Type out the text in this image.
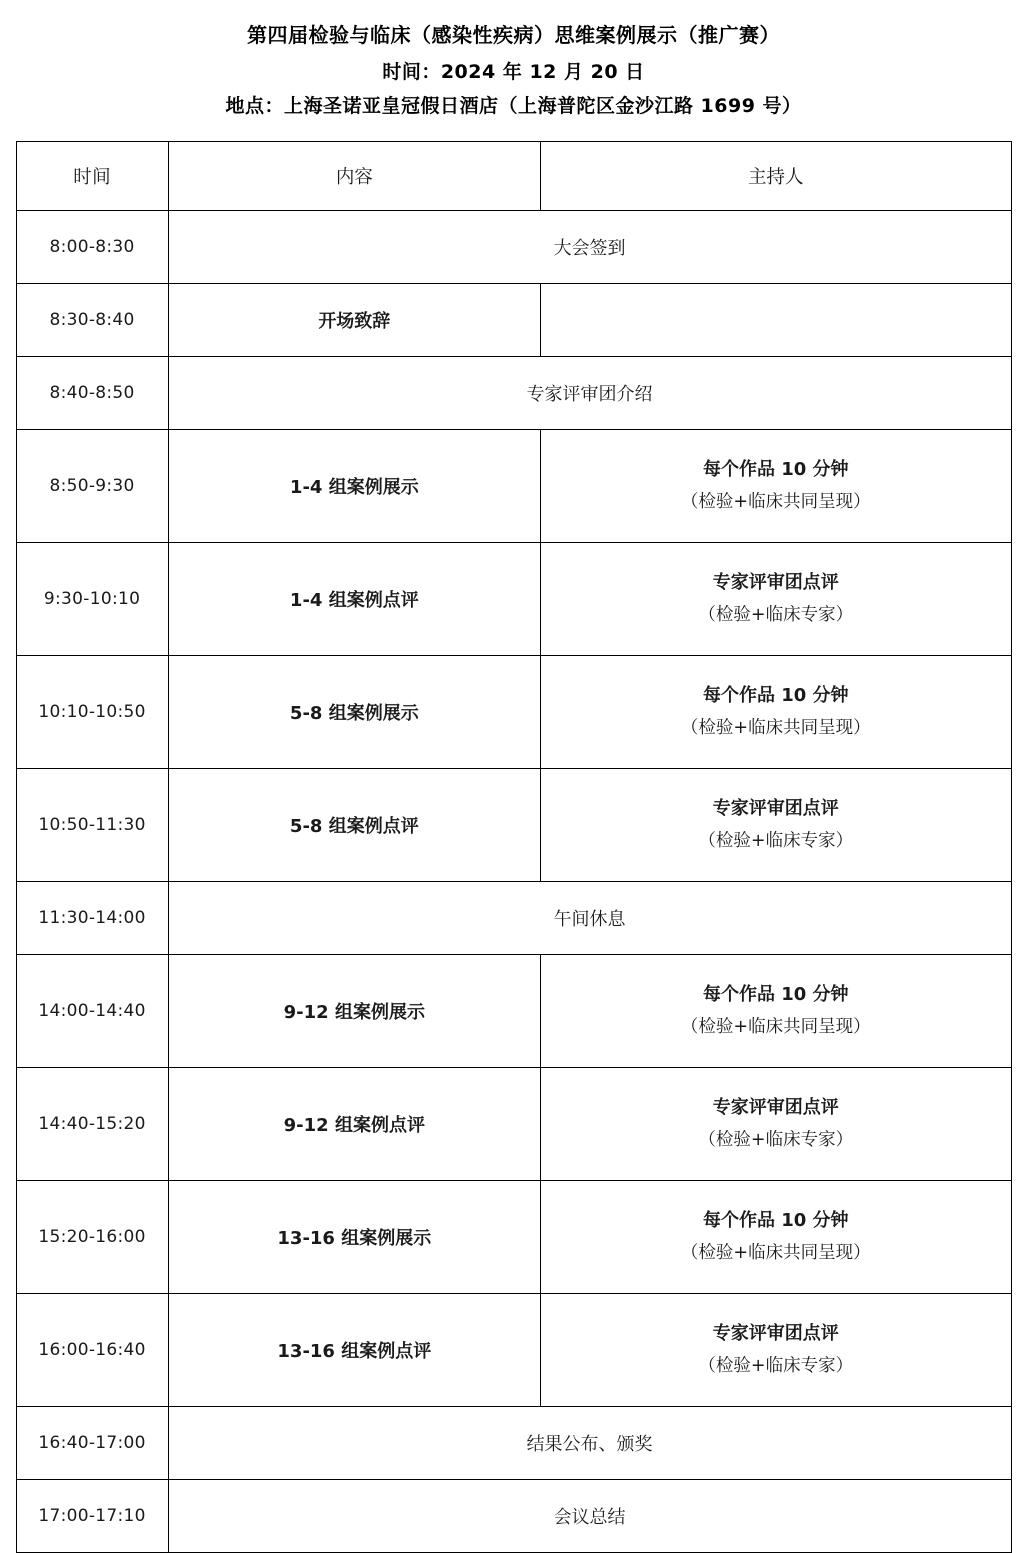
第四届检验与临床（感染性疾病）思维案例展示（推广赛）
时间：2024 年 12 月 20 日
地点：上海圣诺亚皇冠假日酒店（上海普陀区金沙江路 1699 号）		

时间	内容	主持人
8:00-8:30	大会签到	
8:30-8:40	开场致辞	
8:40-8:50	专家评审团介绍	
8:50-9:30	1-4 组案例展示	每个作品 10 分钟
（检验+临床共同呈现）

9:30-10:10	1-4 组案例点评	专家评审团点评
（检验+临床专家）

10:10-10:50	5-8 组案例展示	每个作品 10 分钟
（检验+临床共同呈现）

10:50-11:30	5-8 组案例点评	专家评审团点评
（检验+临床专家）

11:30-14:00	午间休息	
14:00-14:40	9-12 组案例展示	每个作品 10 分钟
（检验+临床共同呈现）

14:40-15:20	9-12 组案例点评	专家评审团点评
（检验+临床专家）

15:20-16:00	13-16 组案例展示	每个作品 10 分钟
（检验+临床共同呈现）

16:00-16:40	13-16 组案例点评	专家评审团点评
（检验+临床专家）

16:40-17:00	结果公布、颁奖	
17:00-17:10	会议总结	
